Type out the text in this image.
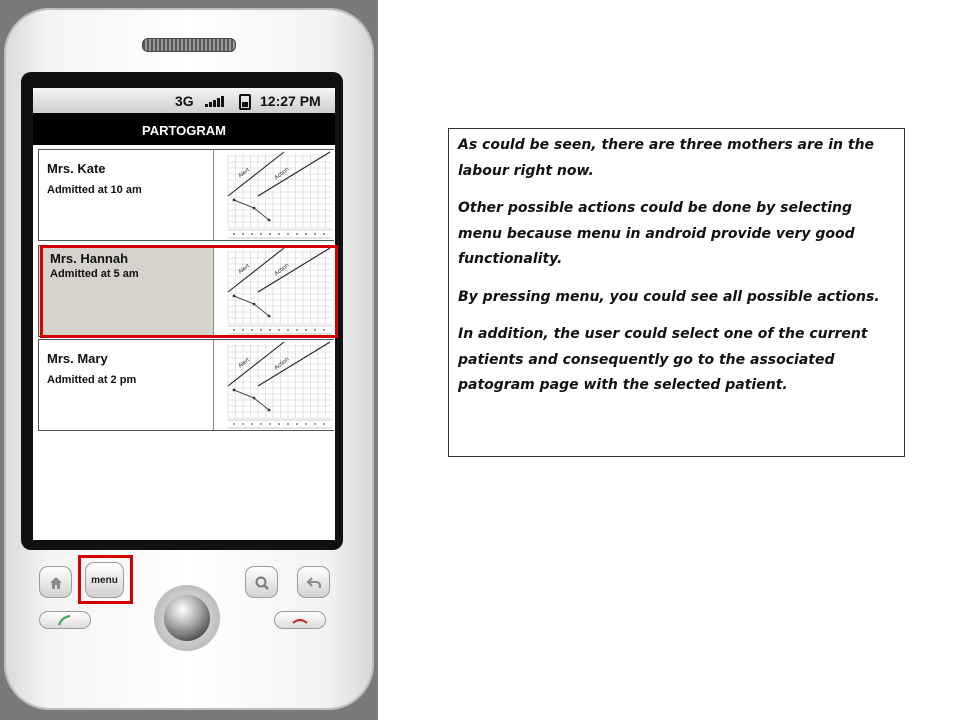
3G	12:27 PM
PARTOGRAM
Mrs. Kate
Admitted at 10 am
Alert	Action
Mrs. Hannah
Admitted at 5 am	Alert	Action
Mrs. Mary
Admitted at 2 pm
Alert	Action
menu

As could be seen, there are three mothers are in the labour right now.

Other possible actions could be done by selecting menu because menu in android provide very good functionality.

By pressing menu, you could see all possible actions.

In addition, the user could select one of the current patients and consequently go to the associated patogram page with the selected patient.
